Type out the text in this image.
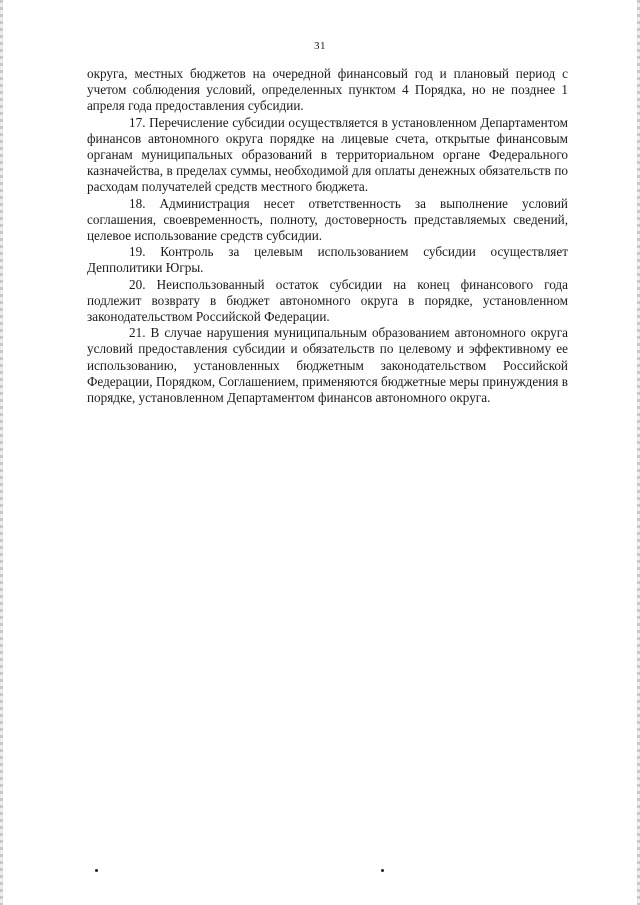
31

округа, местных бюджетов на очередной финансовый год и плановый период с учетом соблюдения условий, определенных пунктом 4 Порядка, но не позднее 1 апреля года предоставления субсидии.

17. Перечисление субсидии осуществляется в установленном Департаментом финансов автономного округа порядке на лицевые счета, открытые финансовым органам муниципальных образований в территориальном органе Федерального казначейства, в пределах суммы, необходимой для оплаты денежных обязательств по расходам получателей средств местного бюджета.

18. Администрация несет ответственность за выполнение условий соглашения, своевременность, полноту, достоверность представляемых сведений, целевое использование средств субсидии.

19. Контроль за целевым использованием субсидии осуществляет Депполитики Югры.

20. Неиспользованный остаток субсидии на конец финансового года подлежит возврату в бюджет автономного округа в порядке, установленном законодательством Российской Федерации.

21. В случае нарушения муниципальным образованием автономного округа условий предоставления субсидии и обязательств по целевому и эффективному ее использованию, установленных бюджетным законодательством Российской Федерации, Порядком, Соглашением, применяются бюджетные меры принуждения в порядке, установленном Департаментом финансов автономного округа.
